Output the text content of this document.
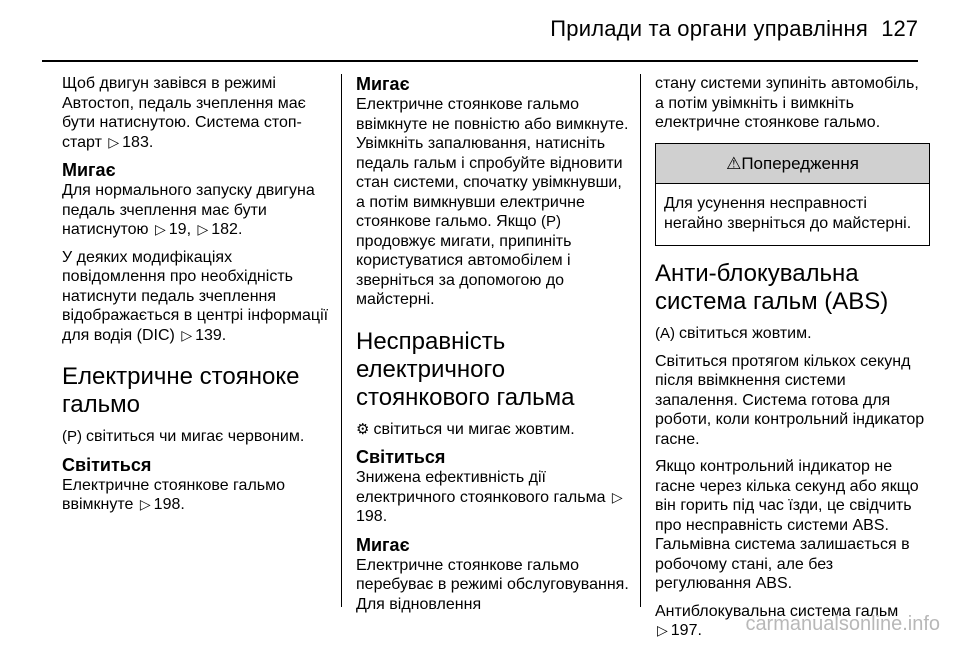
Прилади та органи управління 127

Щоб двигун завівся в режимі Автостоп, педаль зчеплення має бути натиснутою. Система стоп-старт ▷ 183.

Мигає

Для нормального запуску двигуна педаль зчеплення має бути натиснутою ▷ 19, ▷ 182.

У деяких модифікаціях повідомлення про необхідність натиснути педаль зчеплення відображається в центрі інформації для водія (DIC) ▷ 139.

Електричне стояноке гальмо

(P) світиться чи мигає червоним.

Світиться

Електричне стоянкове гальмо ввімкнуте ▷ 198.

Мигає

Електричне стоянкове гальмо ввімкнуте не повністю або вимкнуте. Увімкніть запалювання, натисніть педаль гальм і спробуйте відновити стан системи, спочатку увімкнувши, а потім вимкнувши електричне стоянкове гальмо. Якщо (P)продовжує мигати, припиніть користуватися автомобілем і зверніться за допомогою до майстерні.

Несправність електричного стоянкового гальма

⚙ світиться чи мигає жовтим.

Світиться

Знижена ефективність дії електричного стоянкового гальма ▷198.

Мигає

Електричне стоянкове гальмо перебуває в режимі обслуговування. Для відновлення

стану системи зупиніть автомобіль, а потім увімкніть і вимкніть електричне стоянкове гальмо.

⚠Попередження
Для усунення несправності негайно зверніться до майстерні.
Анти-блокувальна система гальм (ABS)

(A) світиться жовтим.

Світиться протягом кількох секунд після ввімкнення системи запалення. Система готова для роботи, коли контрольний індикатор гасне.

Якщо контрольний індикатор не гасне через кілька секунд або якщо він горить під час їзди, це свідчить про несправність системи ABS. Гальмівна система залишається в робочому стані, але без регулювання ABS.

Антиблокувальна система гальм
▷ 197.	carmanualsonline.info
